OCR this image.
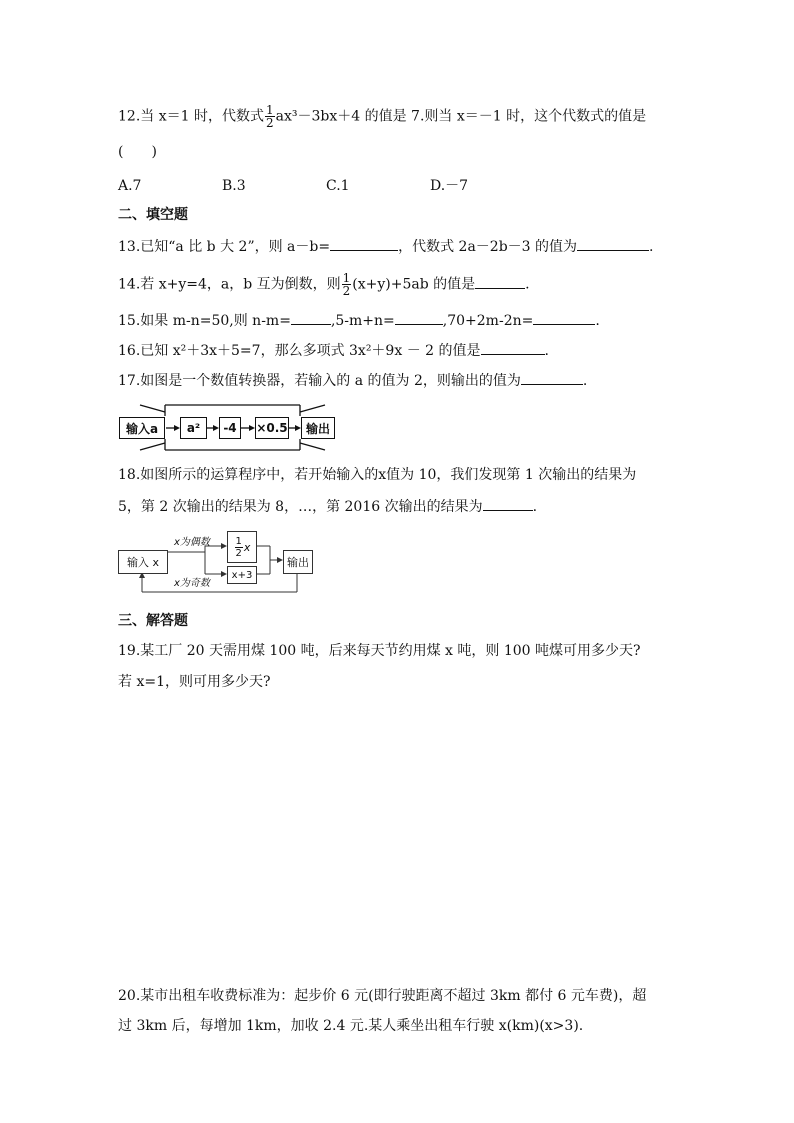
12.当 x＝1 时，代数式 $\frac{1}{2} ax^3-3bx+4$ 的值是 7.则当 x＝－1 时，这个代数式的值是
(　　)
A.7	B.3	C.1	D.－7
二、填空题
13.已知“a 比 b 大 2”，则 a－b=	，代数式 2a－2b－3 的值为	.
14.若 x+y=4，a，b 互为倒数，则 $\frac{1}{2} (x+y)+5ab$ 的值是	.
15.如果 m-n=50,则 n-m=	,5-m+n=	,70+2m-2n=	.
16.已知 x²＋3x＋5=7，那么多项式 3x²＋9x － 2 的值是	.
17.如图是一个数值转换器，若输入的 a 的值为 2，则输出的值为	.
输入a	a²	-4	×0.5	输出
18.如图所示的运算程序中，若开始输入的x值为 10，我们发现第 1 次输出的结果为
5，第 2 次输出的结果为 8，…，第 2016 次输出的结果为	.
输入 x
x为偶数
x为奇数
$\frac{1}{2}$ x
x+3
输出
三、解答题
19.某工厂 20 天需用煤 100 吨，后来每天节约用煤 x 吨，则 100 吨煤可用多少天?
若 x=1，则可用多少天?
20.某市出租车收费标准为：起步价 6 元(即行驶距离不超过 3km 都付 6 元车费)，超
过 3km 后，每增加 1km，加收 2.4 元.某人乘坐出租车行驶 x(km)(x>3).
